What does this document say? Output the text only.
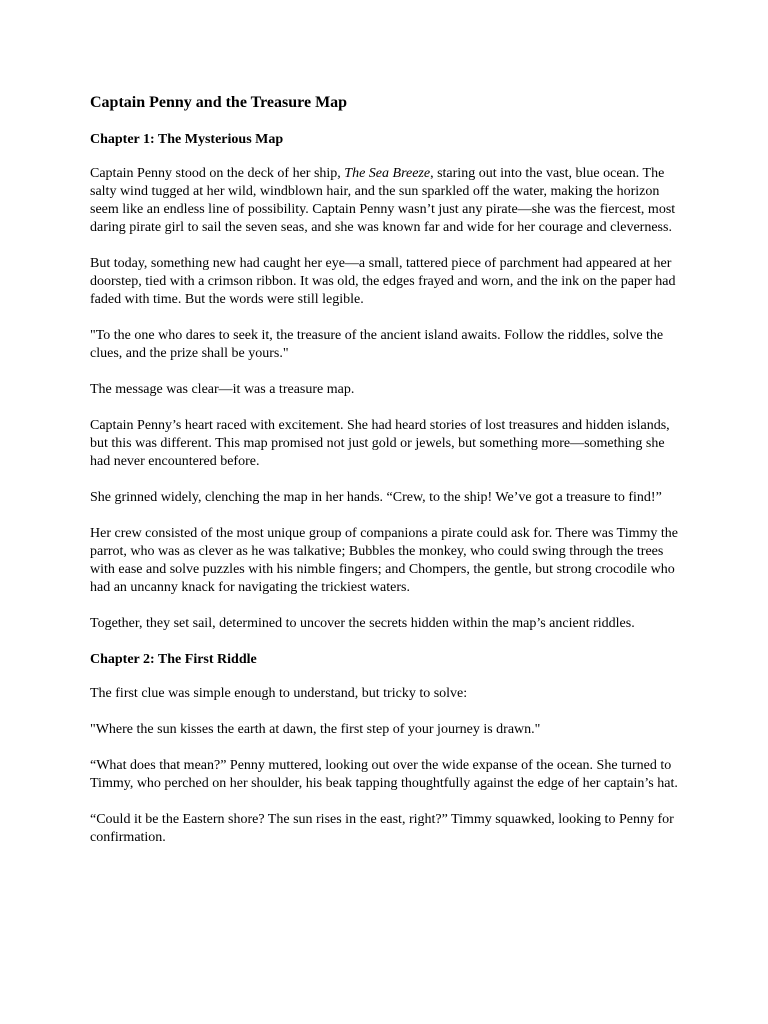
Captain Penny and the Treasure Map
Chapter 1: The Mysterious Map

Captain Penny stood on the deck of her ship, The Sea Breeze, staring out into the vast, blue ocean. The salty wind tugged at her wild, windblown hair, and the sun sparkled off the water, making the horizon seem like an endless line of possibility. Captain Penny wasn’t just any pirate—she was the fiercest, most daring pirate girl to sail the seven seas, and she was known far and wide for her courage and cleverness.

But today, something new had caught her eye—a small, tattered piece of parchment had appeared at her doorstep, tied with a crimson ribbon. It was old, the edges frayed and worn, and the ink on the paper had faded with time. But the words were still legible.

"To the one who dares to seek it, the treasure of the ancient island awaits. Follow the riddles, solve the clues, and the prize shall be yours."

The message was clear—it was a treasure map.

Captain Penny’s heart raced with excitement. She had heard stories of lost treasures and hidden islands, but this was different. This map promised not just gold or jewels, but something more—something she had never encountered before.

She grinned widely, clenching the map in her hands. “Crew, to the ship! We’ve got a treasure to find!”

Her crew consisted of the most unique group of companions a pirate could ask for. There was Timmy the parrot, who was as clever as he was talkative; Bubbles the monkey, who could swing through the trees with ease and solve puzzles with his nimble fingers; and Chompers, the gentle, but strong crocodile who had an uncanny knack for navigating the trickiest waters.

Together, they set sail, determined to uncover the secrets hidden within the map’s ancient riddles.

Chapter 2: The First Riddle

The first clue was simple enough to understand, but tricky to solve:

"Where the sun kisses the earth at dawn, the first step of your journey is drawn."

“What does that mean?” Penny muttered, looking out over the wide expanse of the ocean. She turned to Timmy, who perched on her shoulder, his beak tapping thoughtfully against the edge of her captain’s hat.

“Could it be the Eastern shore? The sun rises in the east, right?” Timmy squawked, looking to Penny for confirmation.
